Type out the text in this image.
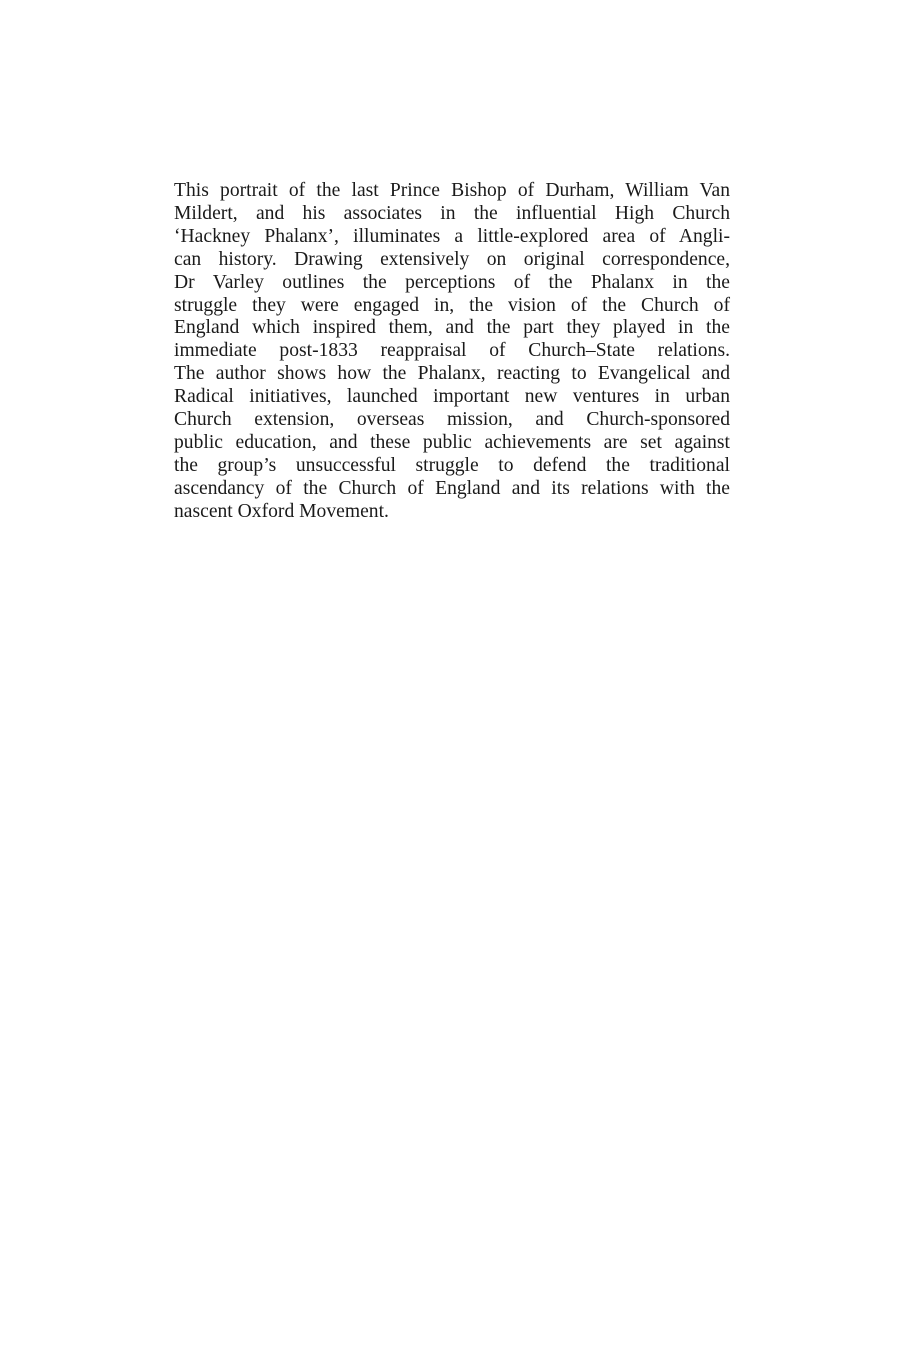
This portrait of the last Prince Bishop of Durham, William Van
Mildert, and his associates in the influential High Church
‘Hackney Phalanx’, illuminates a little-explored area of Angli-
can history. Drawing extensively on original correspondence,
Dr Varley outlines the perceptions of the Phalanx in the
struggle they were engaged in, the vision of the Church of
England which inspired them, and the part they played in the
immediate post-1833 reappraisal of Church–State relations.
The author shows how the Phalanx, reacting to Evangelical and
Radical initiatives, launched important new ventures in urban
Church extension, overseas mission, and Church-sponsored
public education, and these public achievements are set against
the group’s unsuccessful struggle to defend the traditional
ascendancy of the Church of England and its relations with the
nascent Oxford Movement.
